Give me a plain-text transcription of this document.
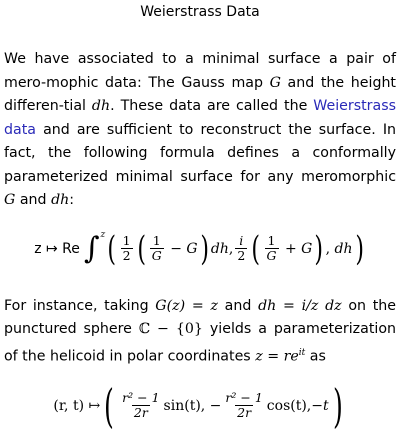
Weierstrass Data
We have associated to a minimal surface a pair of mero-mophic data: The Gauss map G and the height differen-tial dh. These data are called the Weierstrass data and are sufficient to reconstruct the surface. In fact, the following formula defines a conformally parameterized minimal surface for any meromorphic G and dh:
z ↦ Re ∫ z ( $\frac{1}{2}$ ( $\frac{1}{G} - G$ ) dh , $\frac{i}{2}$ ( $\frac{1}{G} + G$ ) , dh )
For instance, taking G(z) = z and dh = i/z dz on the punctured sphere ℂ − {0} yields a parameterization of the helicoid in polar coordinates $z = re^{it}$ as
(r, t) ↦ ( $\frac{\text{r² − 1}}{2r} \sin(t)$, − $\frac{\text{r² − 1}}{2r} \cos(t)$, −t )
